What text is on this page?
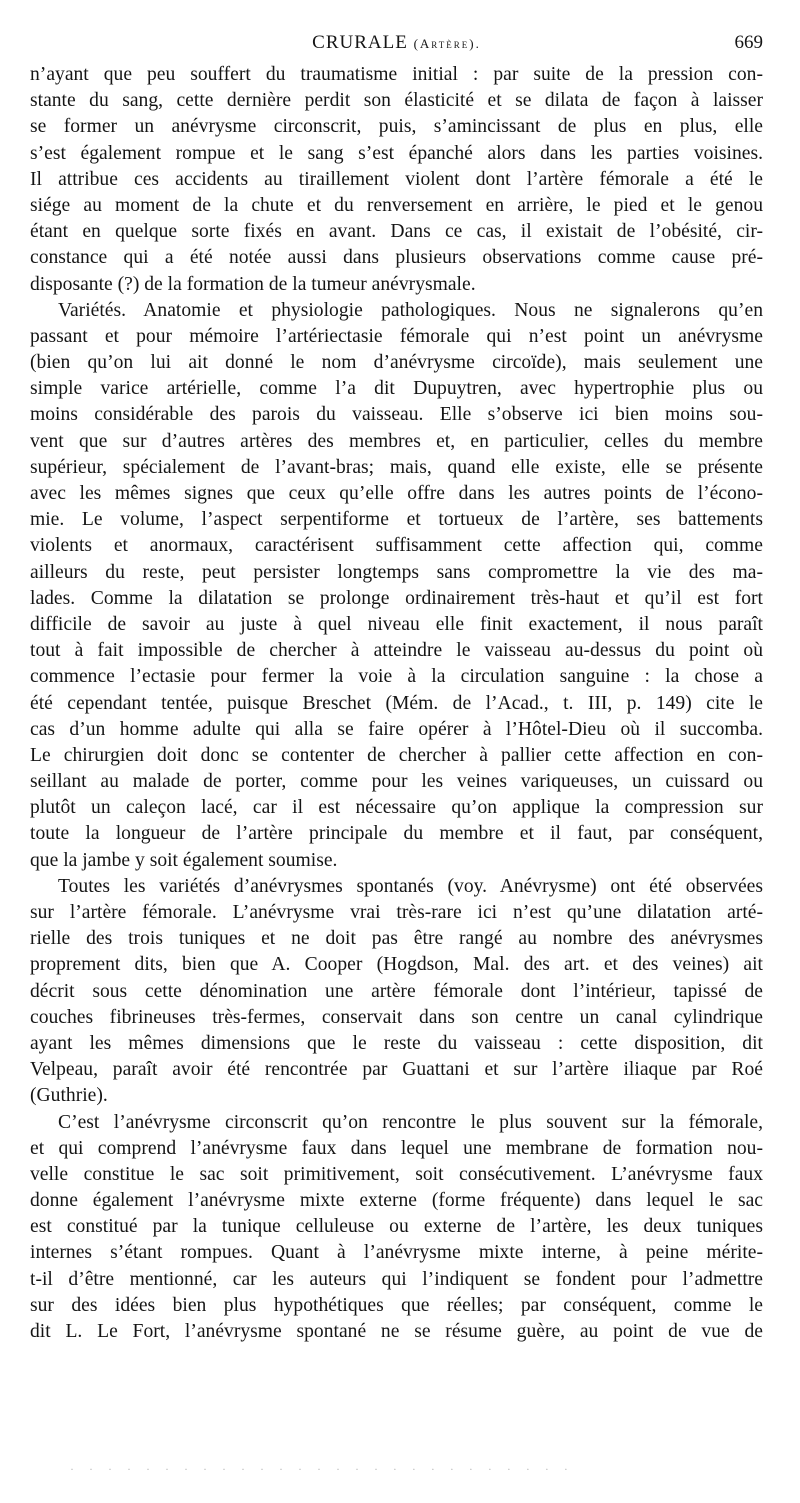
CRURALE (Artère).	669
n’ayant que peu souffert du traumatisme initial : par suite de la pression con-
stante du sang, cette dernière perdit son élasticité et se dilata de façon à laisser
se former un anévrysme circonscrit, puis, s’amincissant de plus en plus, elle
s’est également rompue et le sang s’est épanché alors dans les parties voisines.
Il attribue ces accidents au tiraillement violent dont l’artère fémorale a été le
siége au moment de la chute et du renversement en arrière, le pied et le genou
étant en quelque sorte fixés en avant. Dans ce cas, il existait de l’obésité, cir-
constance qui a été notée aussi dans plusieurs observations comme cause pré-
disposante (?) de la formation de la tumeur anévrysmale.
Variétés. Anatomie et physiologie pathologiques. Nous ne signalerons qu’en
passant et pour mémoire l’artériectasie fémorale qui n’est point un anévrysme
(bien qu’on lui ait donné le nom d’anévrysme circoïde), mais seulement une
simple varice artérielle, comme l’a dit Dupuytren, avec hypertrophie plus ou
moins considérable des parois du vaisseau. Elle s’observe ici bien moins sou-
vent que sur d’autres artères des membres et, en particulier, celles du membre
supérieur, spécialement de l’avant-bras; mais, quand elle existe, elle se présente
avec les mêmes signes que ceux qu’elle offre dans les autres points de l’écono-
mie. Le volume, l’aspect serpentiforme et tortueux de l’artère, ses battements
violents et anormaux, caractérisent suffisamment cette affection qui, comme
ailleurs du reste, peut persister longtemps sans compromettre la vie des ma-
lades. Comme la dilatation se prolonge ordinairement très-haut et qu’il est fort
difficile de savoir au juste à quel niveau elle finit exactement, il nous paraît
tout à fait impossible de chercher à atteindre le vaisseau au-dessus du point où
commence l’ectasie pour fermer la voie à la circulation sanguine : la chose a
été cependant tentée, puisque Breschet (Mém. de l’Acad., t. III, p. 149) cite le
cas d’un homme adulte qui alla se faire opérer à l’Hôtel-Dieu où il succomba.
Le chirurgien doit donc se contenter de chercher à pallier cette affection en con-
seillant au malade de porter, comme pour les veines variqueuses, un cuissard ou
plutôt un caleçon lacé, car il est nécessaire qu’on applique la compression sur
toute la longueur de l’artère principale du membre et il faut, par conséquent,
que la jambe y soit également soumise.
Toutes les variétés d’anévrysmes spontanés (voy. Anévrysme) ont été observées
sur l’artère fémorale. L’anévrysme vrai très-rare ici n’est qu’une dilatation arté-
rielle des trois tuniques et ne doit pas être rangé au nombre des anévrysmes
proprement dits, bien que A. Cooper (Hogdson, Mal. des art. et des veines) ait
décrit sous cette dénomination une artère fémorale dont l’intérieur, tapissé de
couches fibrineuses très-fermes, conservait dans son centre un canal cylindrique
ayant les mêmes dimensions que le reste du vaisseau : cette disposition, dit
Velpeau, paraît avoir été rencontrée par Guattani et sur l’artère iliaque par Roé
(Guthrie).
C’est l’anévrysme circonscrit qu’on rencontre le plus souvent sur la fémorale,
et qui comprend l’anévrysme faux dans lequel une membrane de formation nou-
velle constitue le sac soit primitivement, soit consécutivement. L’anévrysme faux
donne également l’anévrysme mixte externe (forme fréquente) dans lequel le sac
est constitué par la tunique celluleuse ou externe de l’artère, les deux tuniques
internes s’étant rompues. Quant à l’anévrysme mixte interne, à peine mérite-
t-il d’être mentionné, car les auteurs qui l’indiquent se fondent pour l’admettre
sur des idées bien plus hypothétiques que réelles; par conséquent, comme le
dit L. Le Fort, l’anévrysme spontané ne se résume guère, au point de vue de
· · · · · · · · · · · · · · · · · · · · · · · · · · ·
